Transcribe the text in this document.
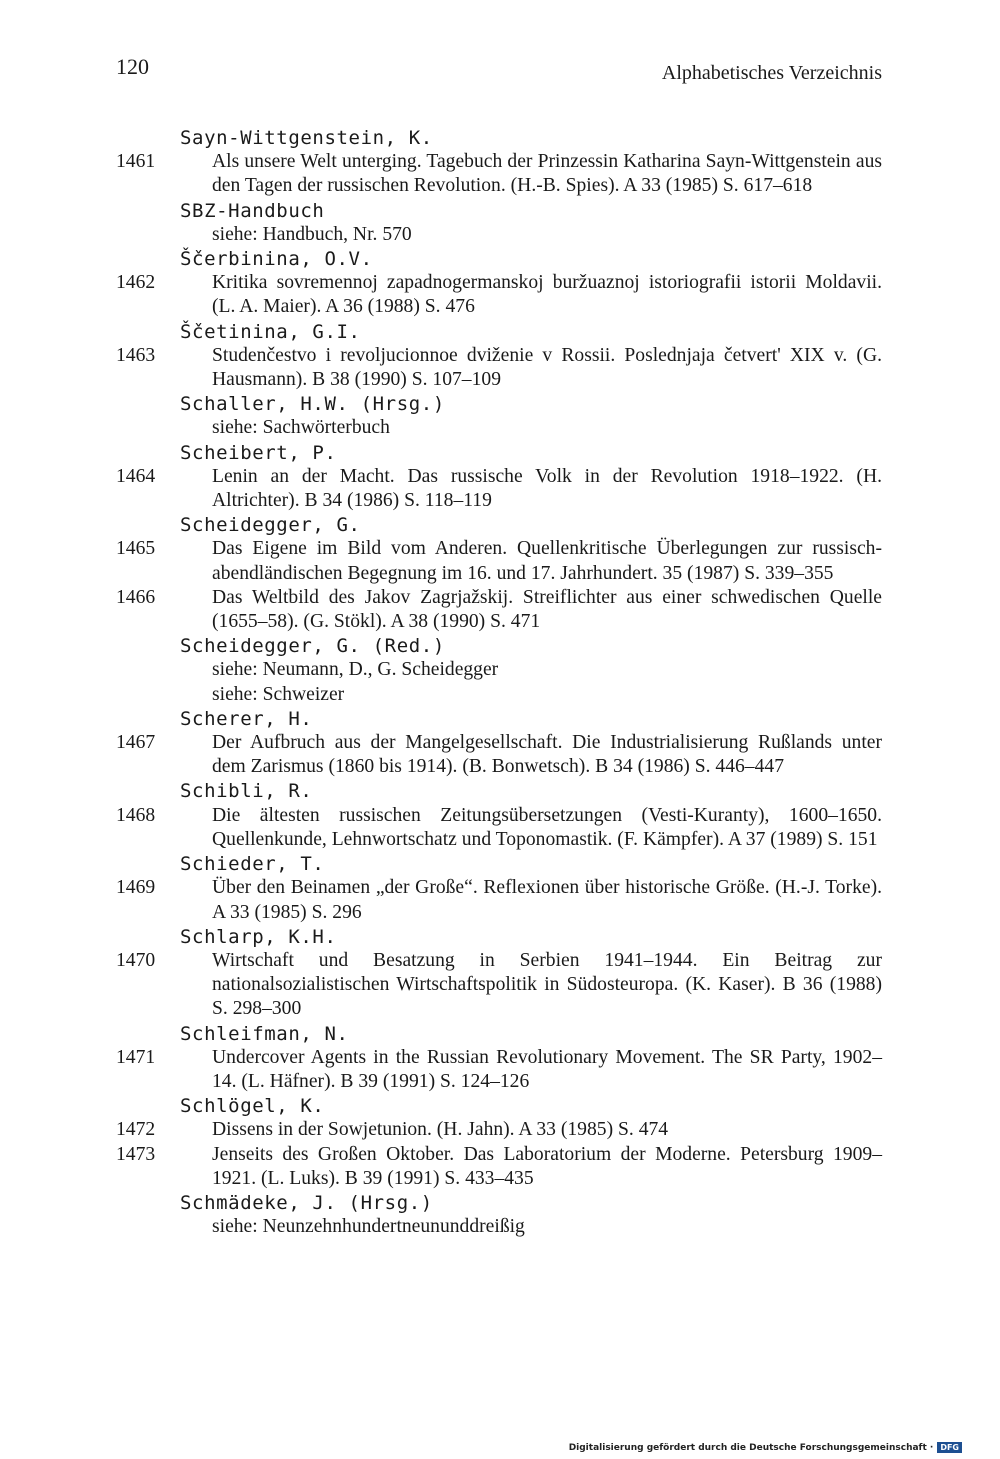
120	Alphabetisches Verzeichnis
Sayn-Wittgenstein, K.
1461	Als unsere Welt unterging. Tagebuch der Prinzessin Katharina Sayn-Wittgenstein aus den Tagen der russischen Revolution. (H.-B. Spies). A 33 (1985) S. 617–618
SBZ-Handbuch
siehe: Handbuch, Nr. 570
Ščerbinina, O.V.
1462	Kritika sovremennoj zapadnogermanskoj buržuaznoj istoriografii istorii Moldavii. (L. A. Maier). A 36 (1988) S. 476
Ščetinina, G.I.
1463	Studenčestvo i revoljucionnoe dviženie v Rossii. Poslednjaja četvert' XIX v. (G. Hausmann). B 38 (1990) S. 107–109
Schaller, H.W. (Hrsg.)
siehe: Sachwörterbuch
Scheibert, P.
1464	Lenin an der Macht. Das russische Volk in der Revolution 1918–1922. (H. Altrichter). B 34 (1986) S. 118–119
Scheidegger, G.
1465	Das Eigene im Bild vom Anderen. Quellenkritische Überlegungen zur russisch-abendländischen Begegnung im 16. und 17. Jahrhundert. 35 (1987) S. 339–355
1466	Das Weltbild des Jakov Zagrjažskij. Streiflichter aus einer schwedischen Quelle (1655–58). (G. Stökl). A 38 (1990) S. 471
Scheidegger, G. (Red.)
siehe: Neumann, D., G. Scheidegger
siehe: Schweizer
Scherer, H.
1467	Der Aufbruch aus der Mangelgesellschaft. Die Industrialisierung Rußlands unter dem Zarismus (1860 bis 1914). (B. Bonwetsch). B 34 (1986) S. 446–447
Schibli, R.
1468	Die ältesten russischen Zeitungsübersetzungen (Vesti-Kuranty), 1600–1650. Quellenkunde, Lehnwortschatz und Toponomastik. (F. Kämpfer). A 37 (1989) S. 151
Schieder, T.
1469	Über den Beinamen „der Große“. Reflexionen über historische Größe. (H.-J. Torke). A 33 (1985) S. 296
Schlarp, K.H.
1470	Wirtschaft und Besatzung in Serbien 1941–1944. Ein Beitrag zur nationalsozialistischen Wirtschaftspolitik in Südosteuropa. (K. Kaser). B 36 (1988) S. 298–300
Schleifman, N.
1471	Undercover Agents in the Russian Revolutionary Movement. The SR Party, 1902–14. (L. Häfner). B 39 (1991) S. 124–126
Schlögel, K.
1472	Dissens in der Sowjetunion. (H. Jahn). A 33 (1985) S. 474
1473	Jenseits des Großen Oktober. Das Laboratorium der Moderne. Petersburg 1909–1921. (L. Luks). B 39 (1991) S. 433–435
Schmädeke, J. (Hrsg.)
siehe: Neunzehnhundertneununddreißig
Digitalisierung gefördert durch die Deutsche Forschungsgemeinschaft · DFG
